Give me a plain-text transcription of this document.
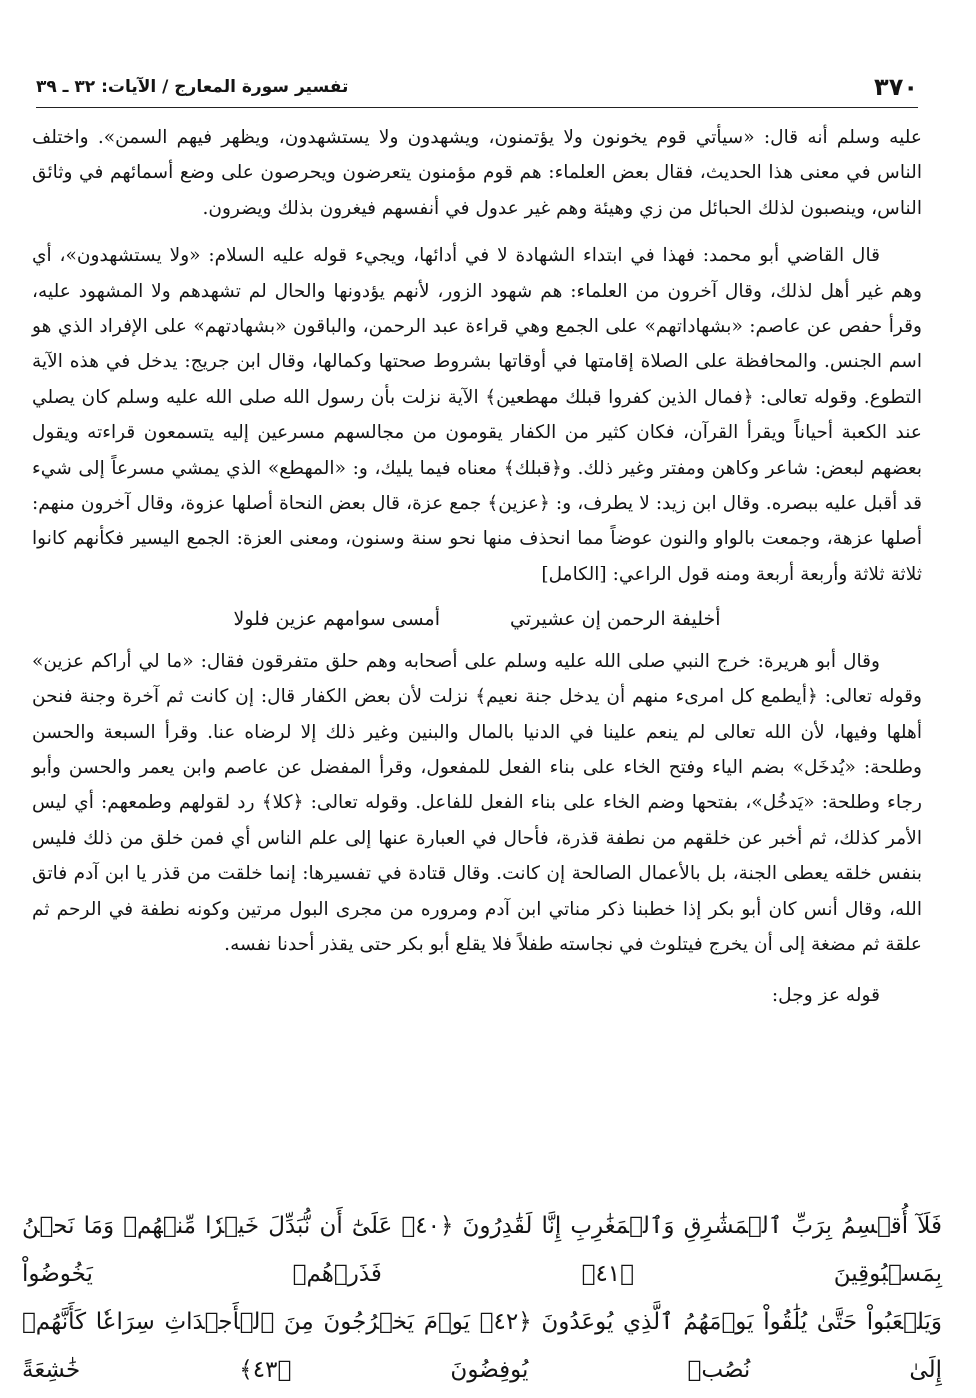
٣٧٠
تفسير سورة المعارج / الآيات: ٣٢ ـ ٣٩

عليه وسلم أنه قال: «سيأتي قوم يخونون ولا يؤتمنون، ويشهدون ولا يستشهدون، ويظهر فيهم السمن». واختلف الناس في معنى هذا الحديث، فقال بعض العلماء: هم قوم مؤمنون يتعرضون ويحرصون على وضع أسمائهم في وثائق الناس، وينصبون لذلك الحبائل من زي وهيئة وهم غير عدول في أنفسهم فيغرون بذلك ويضرون.

قال القاضي أبو محمد: فهذا في ابتداء الشهادة لا في أدائها، ويجيء قوله عليه السلام: «ولا يستشهدون»، أي وهم غير أهل لذلك، وقال آخرون من العلماء: هم شهود الزور، لأنهم يؤدونها والحال لم تشهدهم ولا المشهود عليه، وقرأ حفص عن عاصم: «بشهاداتهم» على الجمع وهي قراءة عبد الرحمن، والباقون «بشهادتهم» على الإفراد الذي هو اسم الجنس. والمحافظة على الصلاة إقامتها في أوقاتها بشروط صحتها وكمالها، وقال ابن جريج: يدخل في هذه الآية التطوع. وقوله تعالى: ﴿فمال الذين كفروا قبلك مهطعين﴾ الآية نزلت بأن رسول الله صلى الله عليه وسلم كان يصلي عند الكعبة أحياناً ويقرأ القرآن، فكان كثير من الكفار يقومون من مجالسهم مسرعين إليه يتسمعون قراءته ويقول بعضهم لبعض: شاعر وكاهن ومفتر وغير ذلك. و﴿قبلك﴾ معناه فيما يليك، و: «المهطع» الذي يمشي مسرعاً إلى شيء قد أقبل عليه ببصره. وقال ابن زيد: لا يطرف، و: ﴿عزين﴾ جمع عزة، قال بعض النحاة أصلها عزوة، وقال آخرون منهم: أصلها عزهة، وجمعت بالواو والنون عوضاً مما انحذف منها نحو سنة وسنون، ومعنى العزة: الجمع اليسير فكأنهم كانوا ثلاثة ثلاثة وأربعة أربعة ومنه قول الراعي: [الكامل]

أخليفة الرحمن إن عشيرتي
أمسى سوامهم عزين فلولا

وقال أبو هريرة: خرج النبي صلى الله عليه وسلم على أصحابه وهم حلق متفرقون فقال: «ما لي أراكم عزين» وقوله تعالى: ﴿أيطمع كل امرىء منهم أن يدخل جنة نعيم﴾ نزلت لأن بعض الكفار قال: إن كانت ثم آخرة وجنة فنحن أهلها وفيها، لأن الله تعالى لم ينعم علينا في الدنيا بالمال والبنين وغير ذلك إلا لرضاه عنا. وقرأ السبعة والحسن وطلحة: «يُدخَل» بضم الياء وفتح الخاء على بناء الفعل للمفعول، وقرأ المفضل عن عاصم وابن يعمر والحسن وأبو رجاء وطلحة: «يَدخُل»، بفتحها وضم الخاء على بناء الفعل للفاعل. وقوله تعالى: ﴿كلا﴾ رد لقولهم وطمعهم: أي ليس الأمر كذلك، ثم أخبر عن خلقهم من نطفة قذرة، فأحال في العبارة عنها إلى علم الناس أي فمن خلق من ذلك فليس بنفس خلقه يعطى الجنة، بل بالأعمال الصالحة إن كانت. وقال قتادة في تفسيرها: إنما خلقت من قذر يا ابن آدم فاتق الله، وقال أنس كان أبو بكر إذا خطبنا ذكر مناتي ابن آدم ومروره من مجرى البول مرتين وكونه نطفة في الرحم ثم علقة ثم مضغة إلى أن يخرج فيتلوث في نجاسته طفلاً فلا يقلع أبو بكر حتى يقذر أحدنا نفسه.

قوله عز وجل:

فَلَآ أُقۡسِمُ بِرَبِّ ٱلۡمَشَٰرِقِ وَٱلۡمَغَٰرِبِ إِنَّا لَقَٰدِرُونَ ﴿٤٠﴾ عَلَىٰٓ أَن نُّبَدِّلَ خَيۡرٗا مِّنۡهُمۡ وَمَا نَحۡنُ بِمَسۡبُوقِينَ ﴿٤١﴾ فَذَرۡهُمۡ يَخُوضُواْ

وَيَلۡعَبُواْ حَتَّىٰ يُلَٰقُواْ يَوۡمَهُمُ ٱلَّذِي يُوعَدُونَ ﴿٤٢﴾ يَوۡمَ يَخۡرُجُونَ مِنَ ٱلۡأَجۡدَاثِ سِرَاعٗا كَأَنَّهُمۡ إِلَىٰ نُصُبٖ يُوفِضُونَ ﴿٤٣﴾ خَٰشِعَةً
